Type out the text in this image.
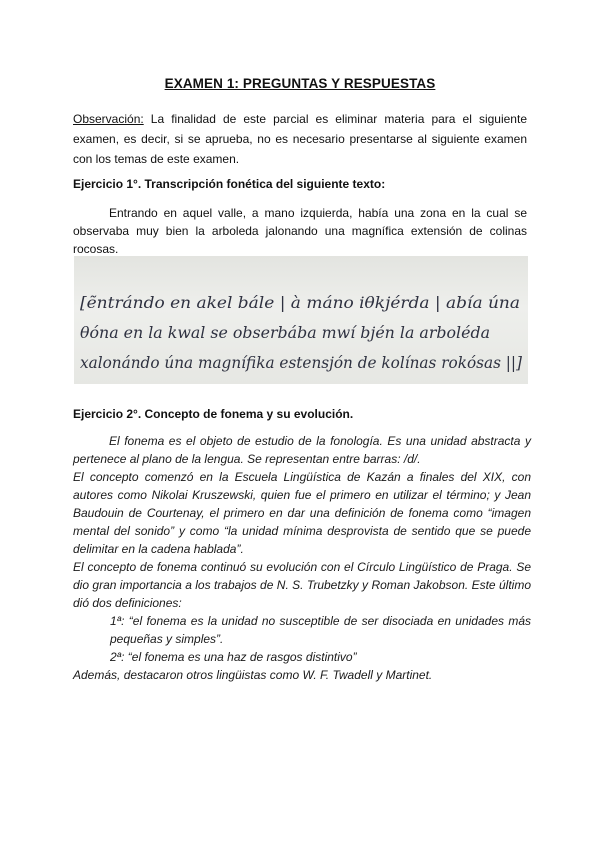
EXAMEN 1: PREGUNTAS Y RESPUESTAS

Observación: La finalidad de este parcial es eliminar materia para el siguiente examen, es decir, si se aprueba, no es necesario presentarse al siguiente examen con los temas de este examen.

Ejercicio 1°. Transcripción fonética del siguiente texto:

Entrando en aquel valle, a mano izquierda, había una zona en la cual se observaba muy bien la arboleda jalonando una magnífica extensión de colinas rocosas.

[ẽntrándo en akel bále | à máno iθkjérda | abía úna
θóna en la kwal se obserbába mwí bjén la arboléda
xalonándo úna magnífika estensjón de kolínas rokósas ||]

Ejercicio 2°. Concepto de fonema y su evolución.

El fonema es el objeto de estudio de la fonología. Es una unidad abstracta y pertenece al plano de la lengua. Se representan entre barras: /d/.

El concepto comenzó en la Escuela Lingüística de Kazán a finales del XIX, con autores como Nikolai Kruszewski, quien fue el primero en utilizar el término; y Jean Baudouin de Courtenay, el primero en dar una definición de fonema como “imagen mental del sonido” y como “la unidad mínima desprovista de sentido que se puede delimitar en la cadena hablada”.

El concepto de fonema continuó su evolución con el Círculo Lingüístico de Praga. Se dio gran importancia a los trabajos de N. S. Trubetzky y Roman Jakobson. Este último dió dos definiciones:

1ª: “el fonema es la unidad no susceptible de ser disociada en unidades más pequeñas y simples”.

2ª: “el fonema es una haz de rasgos distintivo”

Además, destacaron otros lingüistas como W. F. Twadell y Martinet.
